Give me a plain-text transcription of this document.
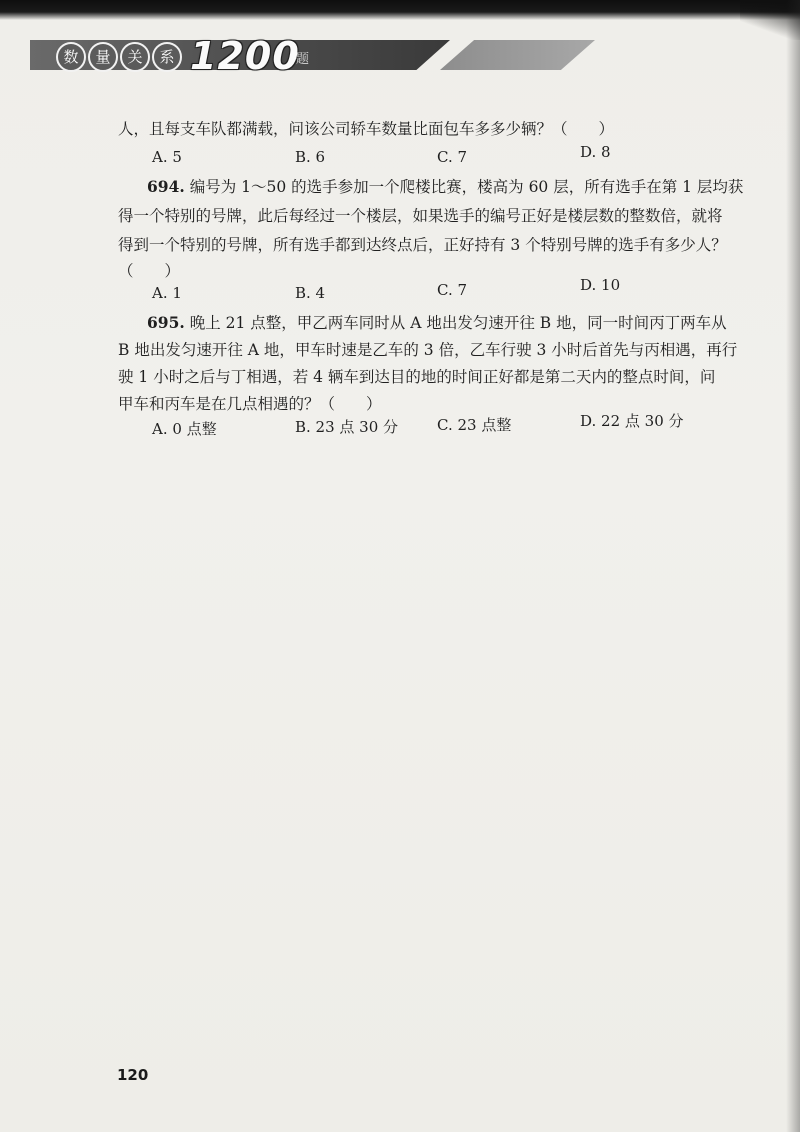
数	量	关	系 1200
题
人，且每支车队都满载，问该公司轿车数量比面包车多多少辆？（　　）
A. 5	B. 6	C. 7	D. 8
694. 编号为 1～50 的选手参加一个爬楼比赛，楼高为 60 层，所有选手在第 1 层均获
得一个特别的号牌，此后每经过一个楼层，如果选手的编号正好是楼层数的整数倍，就将
得到一个特别的号牌，所有选手都到达终点后，正好持有 3 个特别号牌的选手有多少人？
（　　）
A. 1	B. 4	C. 7	D. 10
695. 晚上 21 点整，甲乙两车同时从 A 地出发匀速开往 B 地，同一时间丙丁两车从
B 地出发匀速开往 A 地，甲车时速是乙车的 3 倍，乙车行驶 3 小时后首先与丙相遇，再行
驶 1 小时之后与丁相遇，若 4 辆车到达目的地的时间正好都是第二天内的整点时间，问
甲车和丙车是在几点相遇的？（　　）
A. 0 点整	B. 23 点 30 分	C. 23 点整	D. 22 点 30 分
120
